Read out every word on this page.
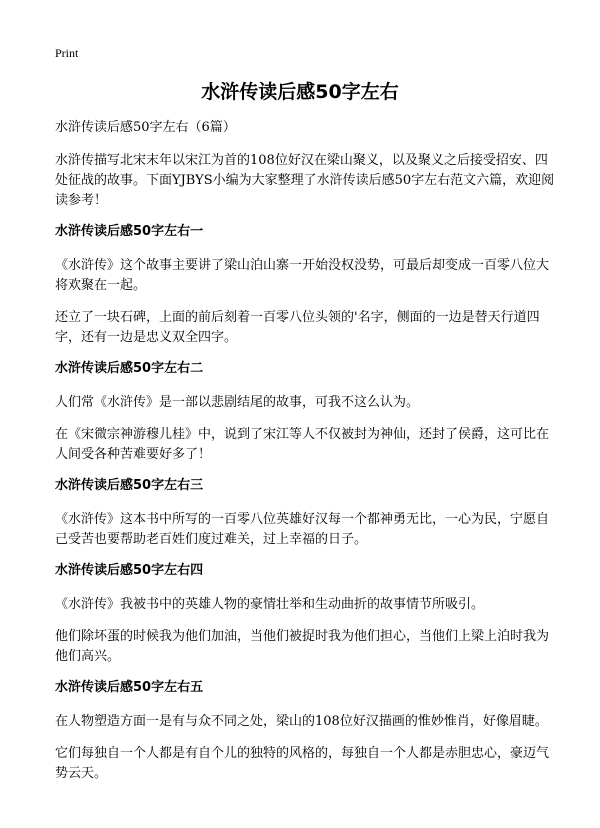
Print
水浒传读后感50字左右
水浒传读后感50字左右（6篇）

水浒传描写北宋末年以宋江为首的108位好汉在梁山聚义，以及聚义之后接受招安、四处征战的故事。下面YJBYS小编为大家整理了水浒传读后感50字左右范文六篇，欢迎阅读参考！

水浒传读后感50字左右一

《水浒传》这个故事主要讲了梁山泊山寨一开始没权没势，可最后却变成一百零八位大将欢聚在一起。

还立了一块石碑，上面的前后刻着一百零八位头领的'名字，侧面的一边是替天行道四字，还有一边是忠义双全四字。

水浒传读后感50字左右二

人们常《水浒传》是一部以悲剧结尾的故事，可我不这么认为。

在《宋微宗神游穆儿桂》中，说到了宋江等人不仅被封为神仙，还封了侯爵，这可比在人间受各种苦难要好多了！

水浒传读后感50字左右三

《水浒传》这本书中所写的一百零八位英雄好汉每一个都神勇无比，一心为民，宁愿自己受苦也要帮助老百姓们度过难关，过上幸福的日子。

水浒传读后感50字左右四

《水浒传》我被书中的英雄人物的豪情壮举和生动曲折的故事情节所吸引。

他们除坏蛋的时候我为他们加油，当他们被捉时我为他们担心，当他们上梁上泊时我为他们高兴。

水浒传读后感50字左右五

在人物塑造方面一是有与众不同之处，梁山的108位好汉描画的惟妙惟肖，好像眉睫。

它们每独自一个人都是有自个儿的独特的风格的，每独自一个人都是赤胆忠心，豪迈气势云天。
